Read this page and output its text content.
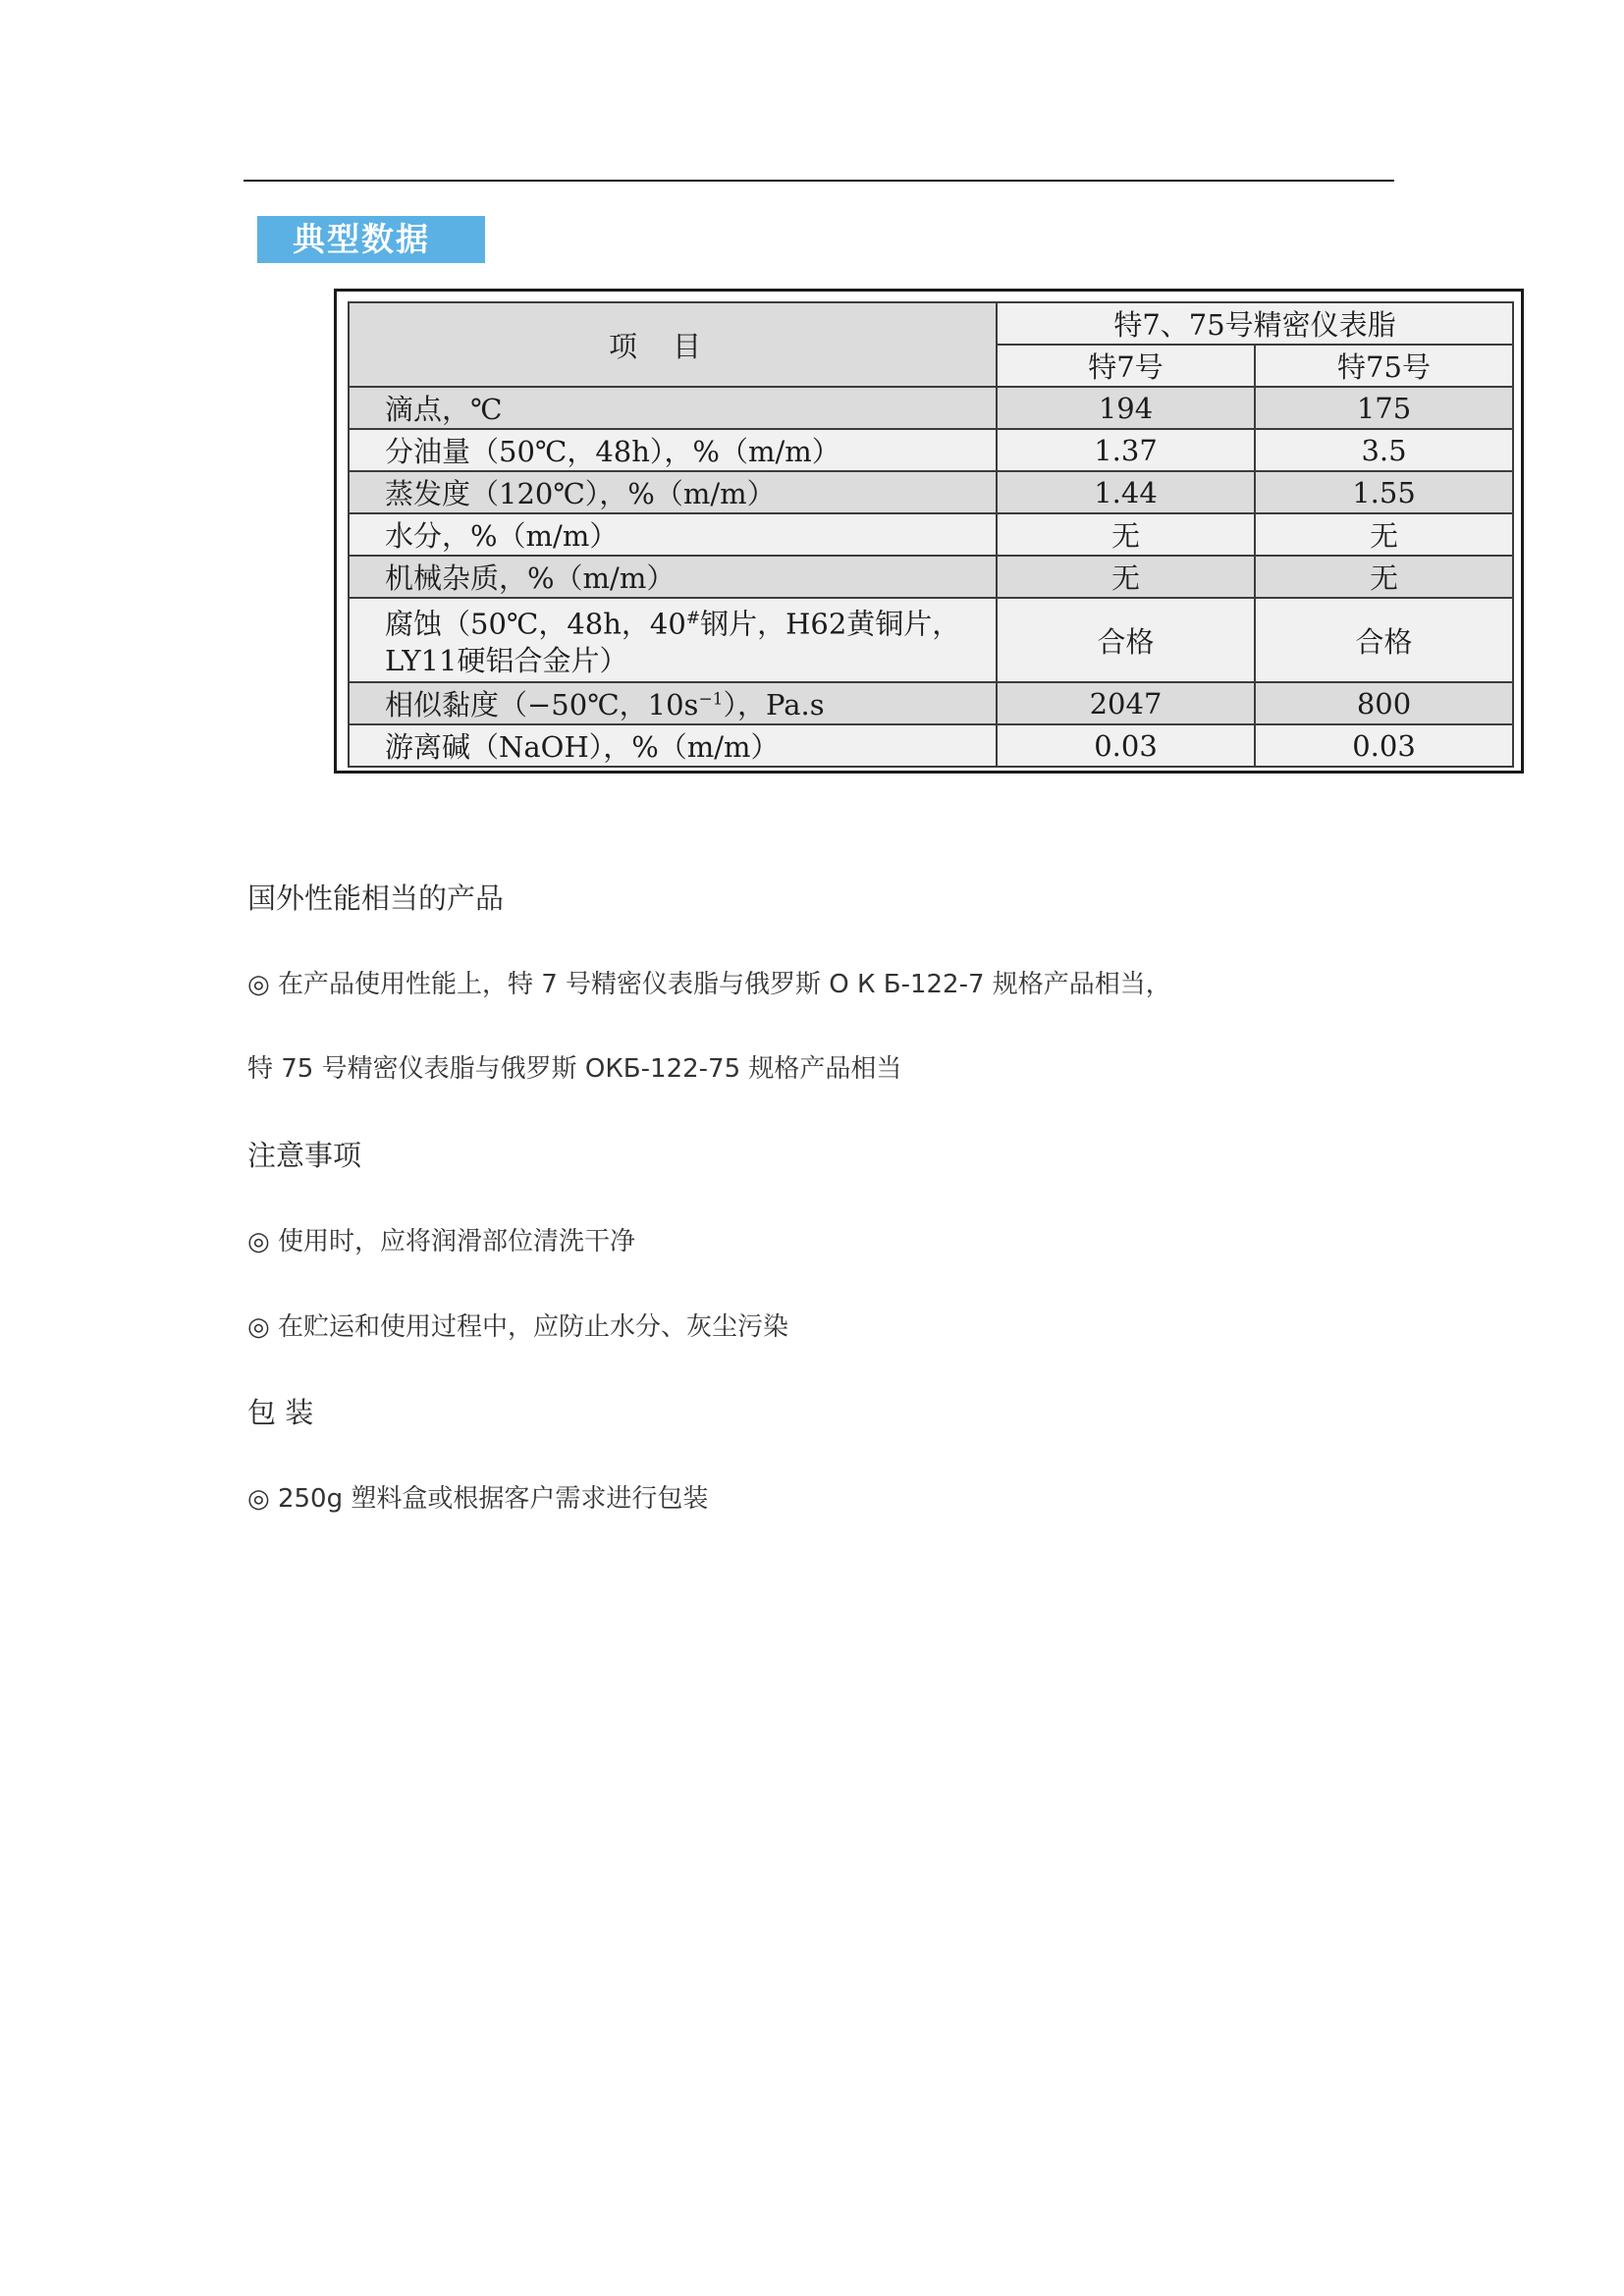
典型数据
项目	特7、75号精密仪表脂	
	特7号	特75号
滴点，℃	194	175
分油量（50℃，48h），%（m/m）	1.37	3.5
蒸发度（120℃），%（m/m）	1.44	1.55
水分，%（m/m）	无	无
机械杂质，%（m/m）	无	无
腐蚀（50℃，48h，40#钢片，H62黄铜片，
LY11硬铝合金片）	合格	合格
相似黏度（−50℃，$10s^{-1}$），Pa.s	2047	800
游离碱（NaOH），%（m/m）	0.03	0.03
国外性能相当的产品
◎ 在产品使用性能上，特 7 号精密仪表脂与俄罗斯 О К Б-122-7 规格产品相当，
特 75 号精密仪表脂与俄罗斯 ОКБ-122-75 规格产品相当
注意事项
◎ 使用时，应将润滑部位清洗干净
◎ 在贮运和使用过程中，应防止水分、灰尘污染
包 装
◎ 250g 塑料盒或根据客户需求进行包装
